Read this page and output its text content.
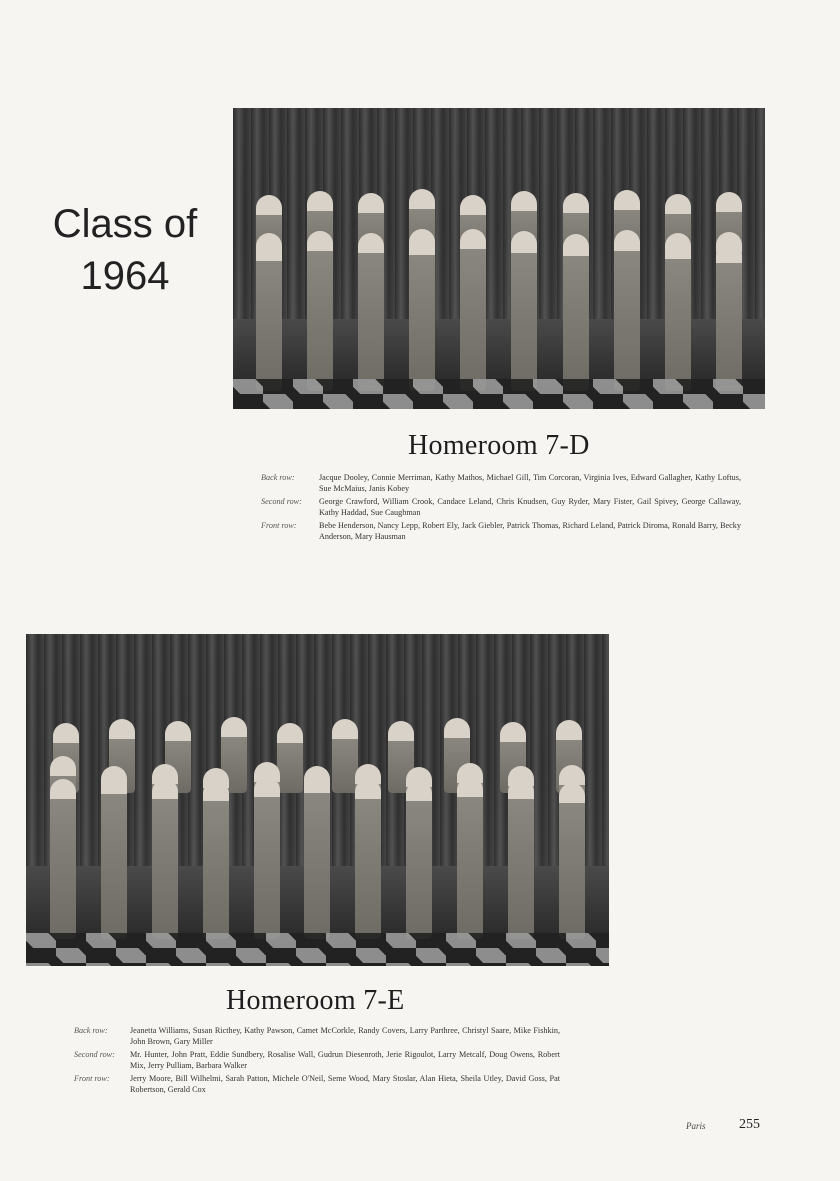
Class of
1964
Homeroom 7-D
Back row:	Jacque Dooley, Connie Merriman, Kathy Mathos, Michael Gill, Tim Corcoran, Virginia Ives, Edward Gallagher, Kathy Loftus, Sue McMaius, Janis Kobey
Second row:	George Crawford, William Crook, Candace Leland, Chris Knudsen, Guy Ryder, Mary Fister, Gail Spivey, George Callaway, Kathy Haddad, Sue Caughman
Front row:	Bebe Henderson, Nancy Lepp, Robert Ely, Jack Giebler, Patrick Thomas, Richard Leland, Patrick Diroma, Ronald Barry, Becky Anderson, Mary Hausman
Homeroom 7-E
Back row:	Jeanetta Williams, Susan Ricthey, Kathy Pawson, Camet McCorkle, Randy Covers, Larry Parthree, Christyl Saare, Mike Fishkin, John Brown, Gary Miller
Second row:	Mr. Hunter, John Pratt, Eddie Sundbery, Rosalise Wall, Gudrun Diesenroth, Jerie Rigoulot, Larry Metcalf, Doug Owens, Robert Mix, Jerry Pulliam, Barbara Walker
Front row:	Jerry Moore, Bill Wilhelmi, Sarah Patton, Michele O'Neil, Seme Wood, Mary Stoslar, Alan Hieta, Sheila Utley, David Goss, Pat Robertson, Gerald Cox
Paris 255
